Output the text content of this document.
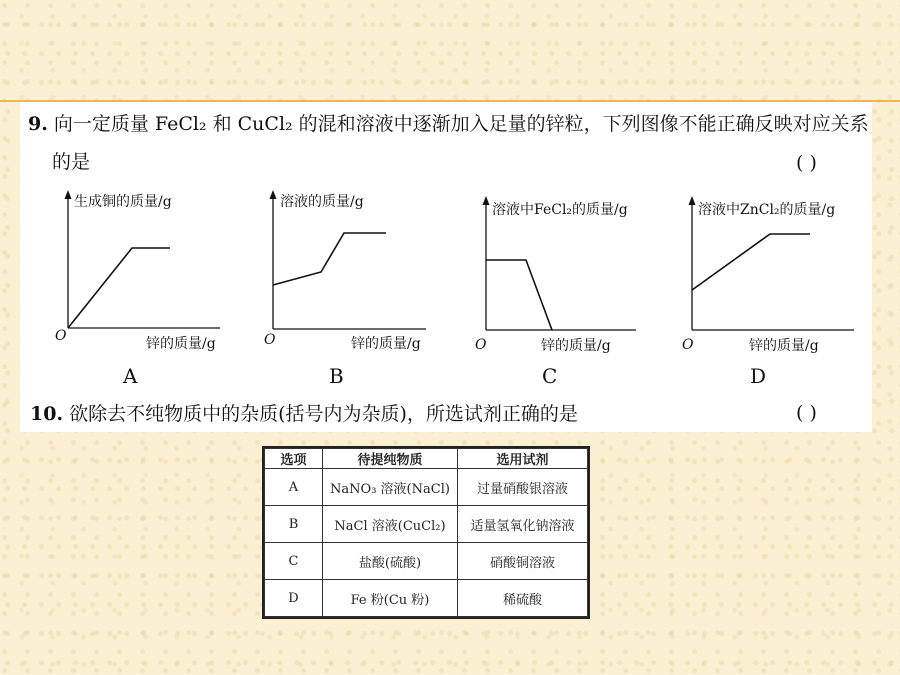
9. 向一定质量 FeCl₂ 和 CuCl₂ 的混和溶液中逐渐加入足量的锌粒，下列图像不能正确反映对应关系
的是	( )
生成铜的质量/g
O	锌的质量/g
A
溶液的质量/g
O	锌的质量/g
B
溶液中FeCl₂的质量/g
O	锌的质量/g
C
溶液中ZnCl₂的质量/g
O	锌的质量/g
D
10. 欲除去不纯物质中的杂质(括号内为杂质)，所选试剂正确的是	( )
选项	待提纯物质	选用试剂
A	NaNO₃ 溶液(NaCl)	过量硝酸银溶液
B	NaCl 溶液(CuCl₂)	适量氢氧化钠溶液
C	盐酸(硫酸)	硝酸铜溶液
D	Fe 粉(Cu 粉)	稀硫酸
